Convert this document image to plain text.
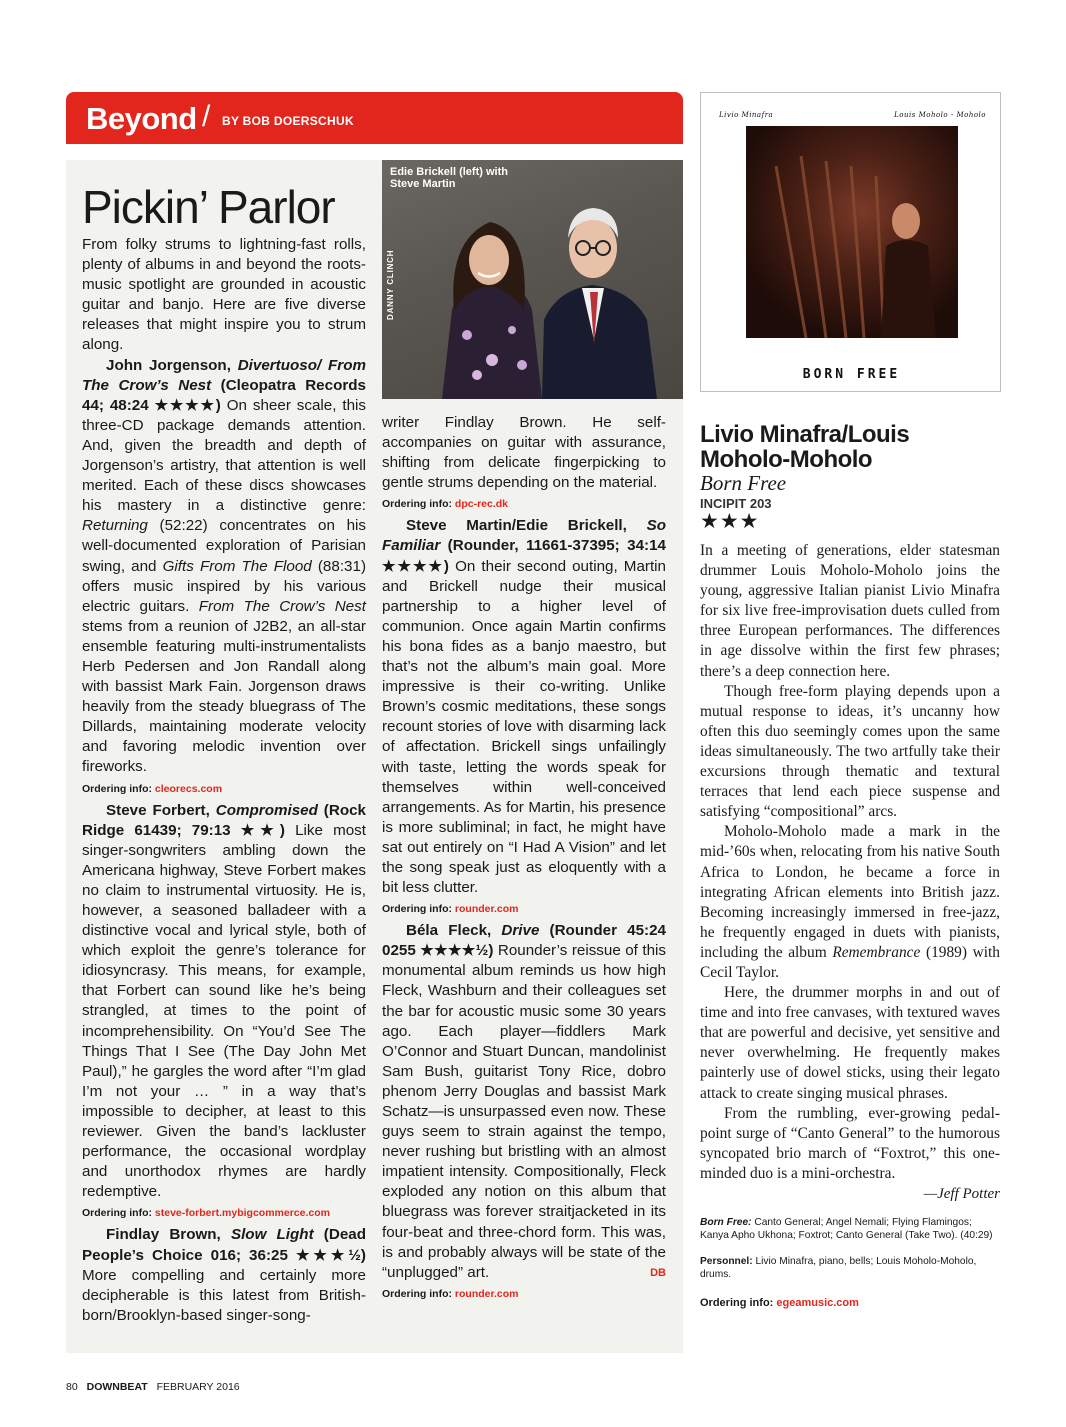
Beyond / BY BOB DOERSCHUK
Pickin’ Parlor

From folky strums to lightning-fast rolls, plenty of albums in and beyond the roots-music spotlight are grounded in acoustic guitar and banjo. Here are five diverse releases that might inspire you to strum along.

John Jorgenson, Divertuoso/ From The Crow’s Nest (Cleopatra Records 44; 48:24 ★★★★) On sheer scale, this three-CD package demands attention. And, given the breadth and depth of Jorgenson’s artistry, that attention is well merited. Each of these discs showcases his mastery in a distinctive genre: Returning (52:22) concentrates on his well-documented exploration of Parisian swing, and Gifts From The Flood (88:31) offers music inspired by his various electric guitars. From The Crow’s Nest stems from a reunion of J2B2, an all-star ensemble featuring multi-instrumentalists Herb Pedersen and Jon Randall along with bassist Mark Fain. Jorgenson draws heavily from the steady bluegrass of The Dillards, maintaining moderate velocity and favoring melodic invention over fireworks.

Ordering info: cleorecs.com

Steve Forbert, Compromised (Rock Ridge 61439; 79:13 ★★) Like most singer-songwriters ambling down the Americana highway, Steve Forbert makes no claim to instrumental virtuosity. He is, however, a seasoned balladeer with a distinctive vocal and lyrical style, both of which exploit the genre’s tolerance for idiosyncrasy. This means, for example, that Forbert can sound like he’s being strangled, at times to the point of incomprehensibility. On “You’d See The Things That I See (The Day John Met Paul),” he gargles the word after “I’m glad I’m not your … ” in a way that’s impossible to decipher, at least to this reviewer. Given the band’s lackluster performance, the occasional wordplay and unorthodox rhymes are hardly redemptive.

Ordering info: steve-forbert.mybigcommerce.com

Findlay Brown, Slow Light (Dead People’s Choice 016; 36:25 ★★★½) More compelling and certainly more decipherable is this latest from British-born/Brooklyn-based singer-song-

Edie Brickell (left) with Steve Martin
DANNY CLINCH

writer Findlay Brown. He self-accompanies on guitar with assurance, shifting from delicate fingerpicking to gentle strums depending on the material.

Ordering info: dpc-rec.dk

Steve Martin/Edie Brickell, So Familiar (Rounder, 11661-37395; 34:14 ★★★★) On their second outing, Martin and Brickell nudge their musical partnership to a higher level of communion. Once again Martin confirms his bona fides as a banjo maestro, but that’s not the album’s main goal. More impressive is their co-writing. Unlike Brown’s cosmic meditations, these songs recount stories of love with disarming lack of affectation. Brickell sings unfailingly with taste, letting the words speak for themselves within well-conceived arrangements. As for Martin, his presence is more subliminal; in fact, he might have sat out entirely on “I Had A Vision” and let the song speak just as eloquently with a bit less clutter.

Ordering info: rounder.com

Béla Fleck, Drive (Rounder 45:24 0255 ★★★★½) Rounder’s reissue of this monumental album reminds us how high Fleck, Washburn and their colleagues set the bar for acoustic music some 30 years ago. Each player—fiddlers Mark O’Connor and Stuart Duncan, mandolinist Sam Bush, guitarist Tony Rice, dobro phenom Jerry Douglas and bassist Mark Schatz—is unsurpassed even now. These guys seem to strain against the tempo, never rushing but bristling with an almost impatient intensity. Compositionally, Fleck exploded any notion on this album that bluegrass was forever straitjacketed in its four-beat and three-chord form. This was, is and probably always will be state of the “unplugged” art.	DB

Ordering info: rounder.com

Livio Minafra	Louis Moholo - Moholo
BORN FREE
Livio Minafra/Louis Moholo-Moholo
Born Free
INCIPIT 203
★★★

In a meeting of generations, elder statesman drummer Louis Moholo-Moholo joins the young, aggressive Italian pianist Livio Minafra for six live free-improvisation duets culled from three European performances. The differences in age dissolve within the first few phrases; there’s a deep connection here.

Though free-form playing depends upon a mutual response to ideas, it’s uncanny how often this duo seemingly comes upon the same ideas simultaneously. The two artfully take their excursions through thematic and textural terraces that lend each piece suspense and satisfying “compositional” arcs.

Moholo-Moholo made a mark in the mid-’60s when, relocating from his native South Africa to London, he became a force in integrating African elements into British jazz. Becoming increasingly immersed in free-jazz, he frequently engaged in duets with pianists, including the album Remembrance (1989) with Cecil Taylor.

Here, the drummer morphs in and out of time and into free canvases, with textured waves that are powerful and decisive, yet sensitive and never overwhelming. He frequently makes painterly use of dowel sticks, using their legato attack to create singing musical phrases.

From the rumbling, ever-growing pedal-point surge of “Canto General” to the humorous syncopated brio march of “Foxtrot,” this one-minded duo is a mini-orchestra.

—Jeff Potter
Born Free: Canto General; Angel Nemali; Flying Flamingos; Kanya Apho Ukhona; Foxtrot; Canto General (Take Two). (40:29)
Personnel: Livio Minafra, piano, bells; Louis Moholo-Moholo, drums.
Ordering info: egeamusic.com
80 DOWNBEAT FEBRUARY 2016
